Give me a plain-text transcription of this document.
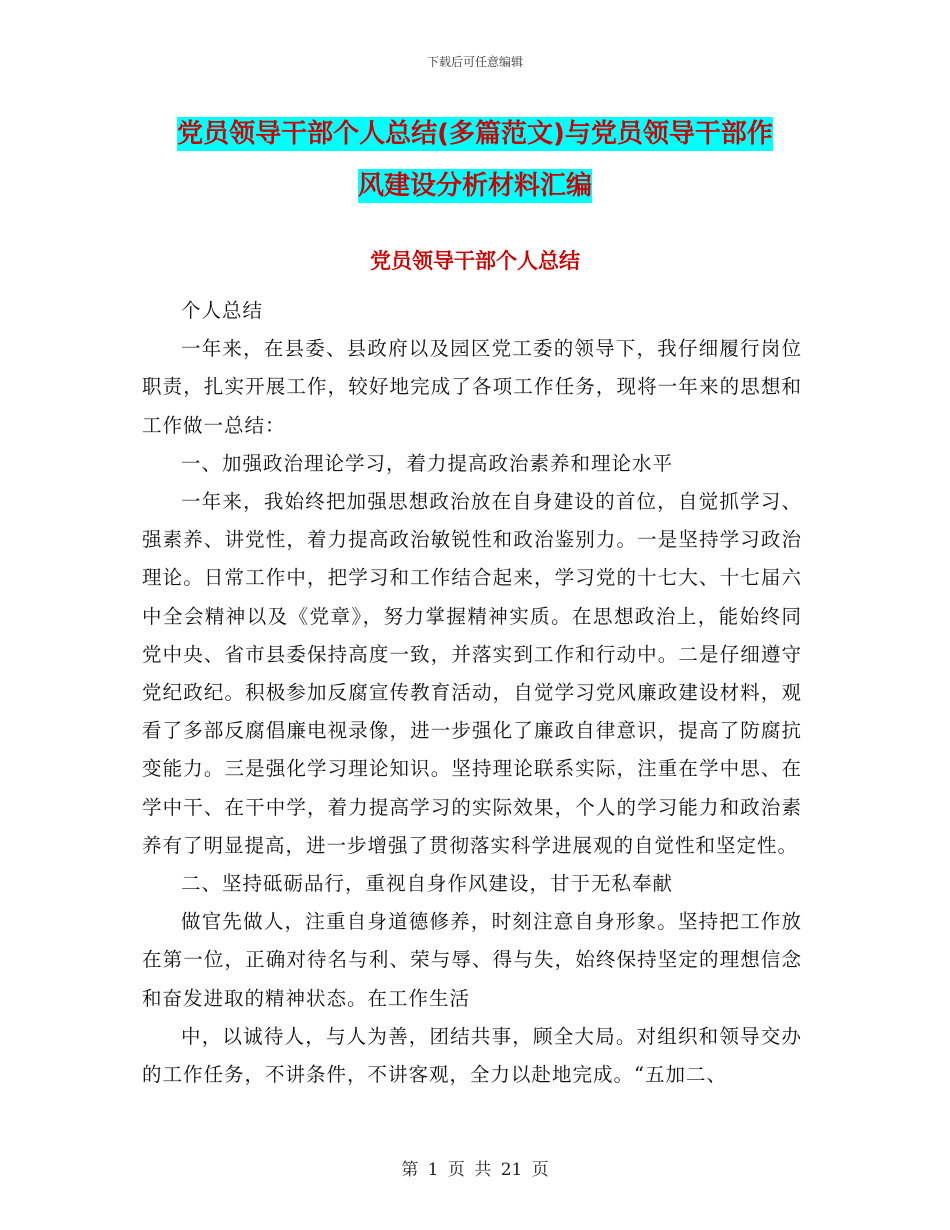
下载后可任意编辑
党员领导干部个人总结(多篇范文)与党员领导干部作
风建设分析材料汇编
党员领导干部个人总结

个人总结

一年来，在县委、县政府以及园区党工委的领导下，我仔细履行岗位职责，扎实开展工作，较好地完成了各项工作任务，现将一年来的思想和工作做一总结：

一、加强政治理论学习，着力提高政治素养和理论水平

一年来，我始终把加强思想政治放在自身建设的首位，自觉抓学习、强素养、讲党性，着力提高政治敏锐性和政治鉴别力。一是坚持学习政治理论。日常工作中，把学习和工作结合起来，学习党的十七大、十七届六中全会精神以及《党章》，努力掌握精神实质。在思想政治上，能始终同党中央、省市县委保持高度一致，并落实到工作和行动中。二是仔细遵守党纪政纪。积极参加反腐宣传教育活动，自觉学习党风廉政建设材料，观看了多部反腐倡廉电视录像，进一步强化了廉政自律意识，提高了防腐抗变能力。三是强化学习理论知识。坚持理论联系实际，注重在学中思、在学中干、在干中学，着力提高学习的实际效果，个人的学习能力和政治素养有了明显提高，进一步增强了贯彻落实科学进展观的自觉性和坚定性。

二、坚持砥砺品行，重视自身作风建设，甘于无私奉献

做官先做人，注重自身道德修养，时刻注意自身形象。坚持把工作放在第一位，正确对待名与利、荣与辱、得与失，始终保持坚定的理想信念和奋发进取的精神状态。在工作生活

中，以诚待人，与人为善，团结共事，顾全大局。对组织和领导交办的工作任务，不讲条件，不讲客观，全力以赴地完成。“五加二、

第 1 页 共 21 页
